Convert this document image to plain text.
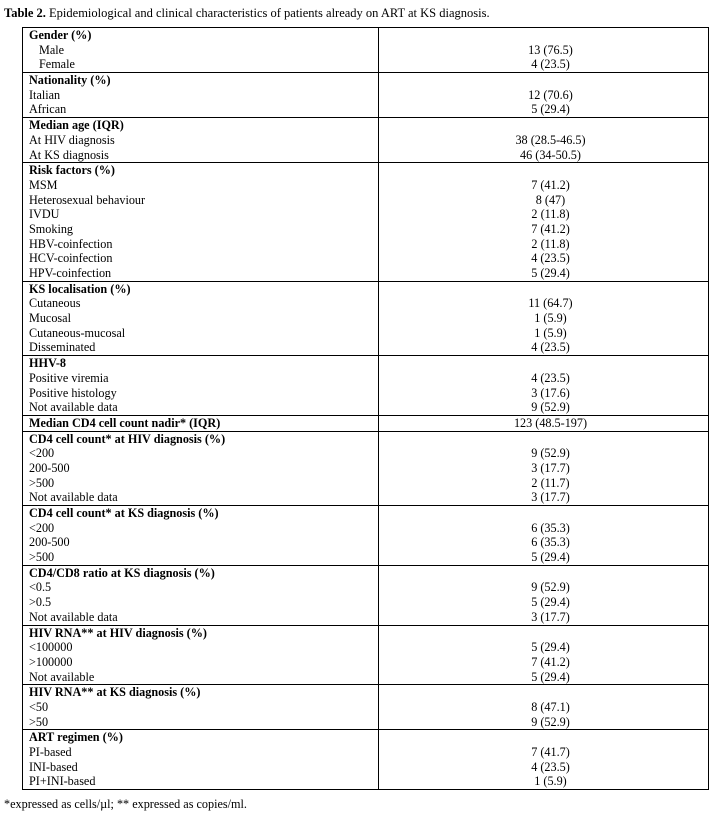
Table 2. Epidemiological and clinical characteristics of patients already on ART at KS diagnosis.
Gender (%)
Male
Female
13 (76.5)
4 (23.5)
Nationality (%)
Italian
African
12 (70.6)
5 (29.4)
Median age (IQR)
At HIV diagnosis
At KS diagnosis
38 (28.5-46.5)
46 (34-50.5)
Risk factors (%)
MSM
Heterosexual behaviour
IVDU
Smoking
HBV-coinfection
HCV-coinfection
HPV-coinfection
7 (41.2)
8 (47)
2 (11.8)
7 (41.2)
2 (11.8)
4 (23.5)
5 (29.4)
KS localisation (%)
Cutaneous
Mucosal
Cutaneous-mucosal
Disseminated
11 (64.7)
1 (5.9)
1 (5.9)
4 (23.5)
HHV-8
Positive viremia
Positive histology
Not available data
4 (23.5)
3 (17.6)
9 (52.9)
Median CD4 cell count nadir* (IQR)	123 (48.5-197)
CD4 cell count* at HIV diagnosis (%)
<200
200-500
>500
Not available data
9 (52.9)
3 (17.7)
2 (11.7)
3 (17.7)
CD4 cell count* at KS diagnosis (%)
<200
200-500
>500
6 (35.3)
6 (35.3)
5 (29.4)
CD4/CD8 ratio at KS diagnosis (%)
<0.5
>0.5
Not available data
9 (52.9)
5 (29.4)
3 (17.7)
HIV RNA** at HIV diagnosis (%)
<100000
>100000
Not available
5 (29.4)
7 (41.2)
5 (29.4)
HIV RNA** at KS diagnosis (%)
<50
>50
8 (47.1)
9 (52.9)
ART regimen (%)
PI-based
INI-based
PI+INI-based
7 (41.7)
4 (23.5)
1 (5.9)
*expressed as cells/µl; ** expressed as copies/ml.
